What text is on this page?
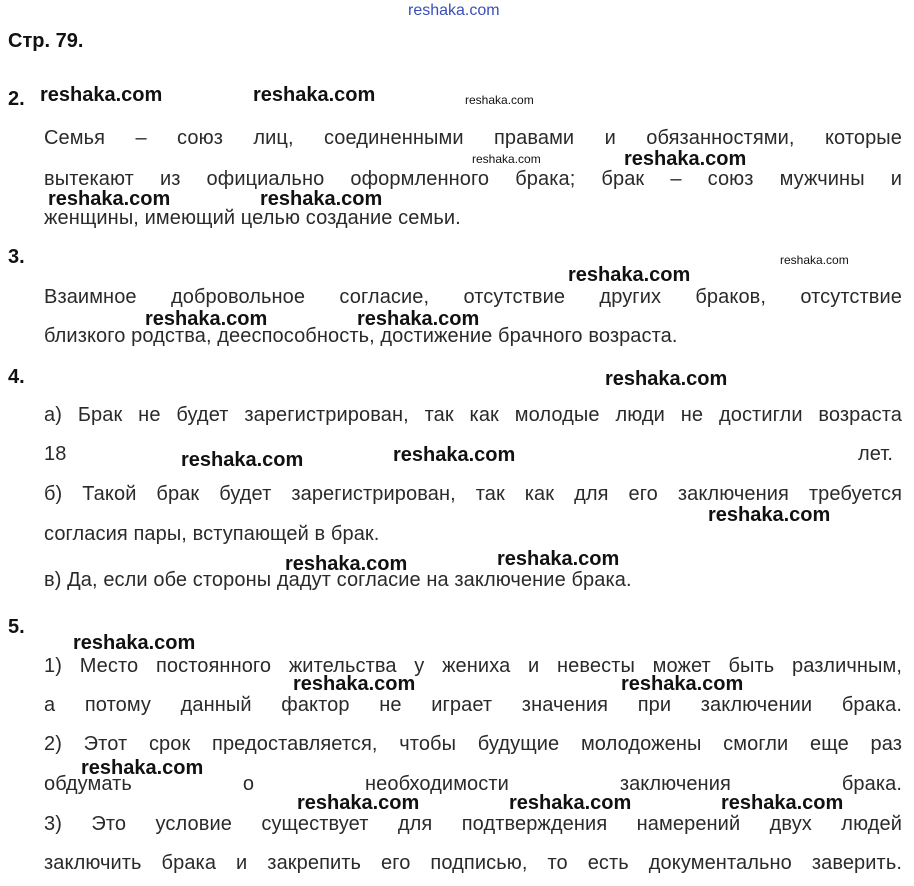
reshaka.com
Стр. 79.
2.
Семья – союз лиц, соединенными правами и обязанностями, которые
вытекают из официально оформленного брака; брак – союз мужчины и
женщины, имеющий целью создание семьи.
3.
Взаимное добровольное согласие, отсутствие других браков, отсутствие
близкого родства, дееспособность, достижение брачного возраста.
4.
а) Брак не будет зарегистрирован, так как молодые люди не достигли возраста
18	лет.
б) Такой брак будет зарегистрирован, так как для его заключения требуется
согласия пары, вступающей в брак.
в) Да, если обе стороны дадут согласие на заключение брака.
5.
1) Место постоянного жительства у жениха и невесты может быть различным,
а потому данный фактор не играет значения при заключении брака.
2) Этот срок предоставляется, чтобы будущие молодожены смогли еще раз
обдумать о необходимости заключения брака.
3) Это условие существует для подтверждения намерений двух людей
заключить брака и закрепить его подписью, то есть документально заверить.
reshaka.com	reshaka.com	reshaka.com
reshaka.com	reshaka.com
reshaka.com	reshaka.com
reshaka.com
reshaka.com
reshaka.com	reshaka.com
reshaka.com
reshaka.com	reshaka.com
reshaka.com
reshaka.com	reshaka.com
reshaka.com
reshaka.com	reshaka.com
reshaka.com
reshaka.com	reshaka.com	reshaka.com
